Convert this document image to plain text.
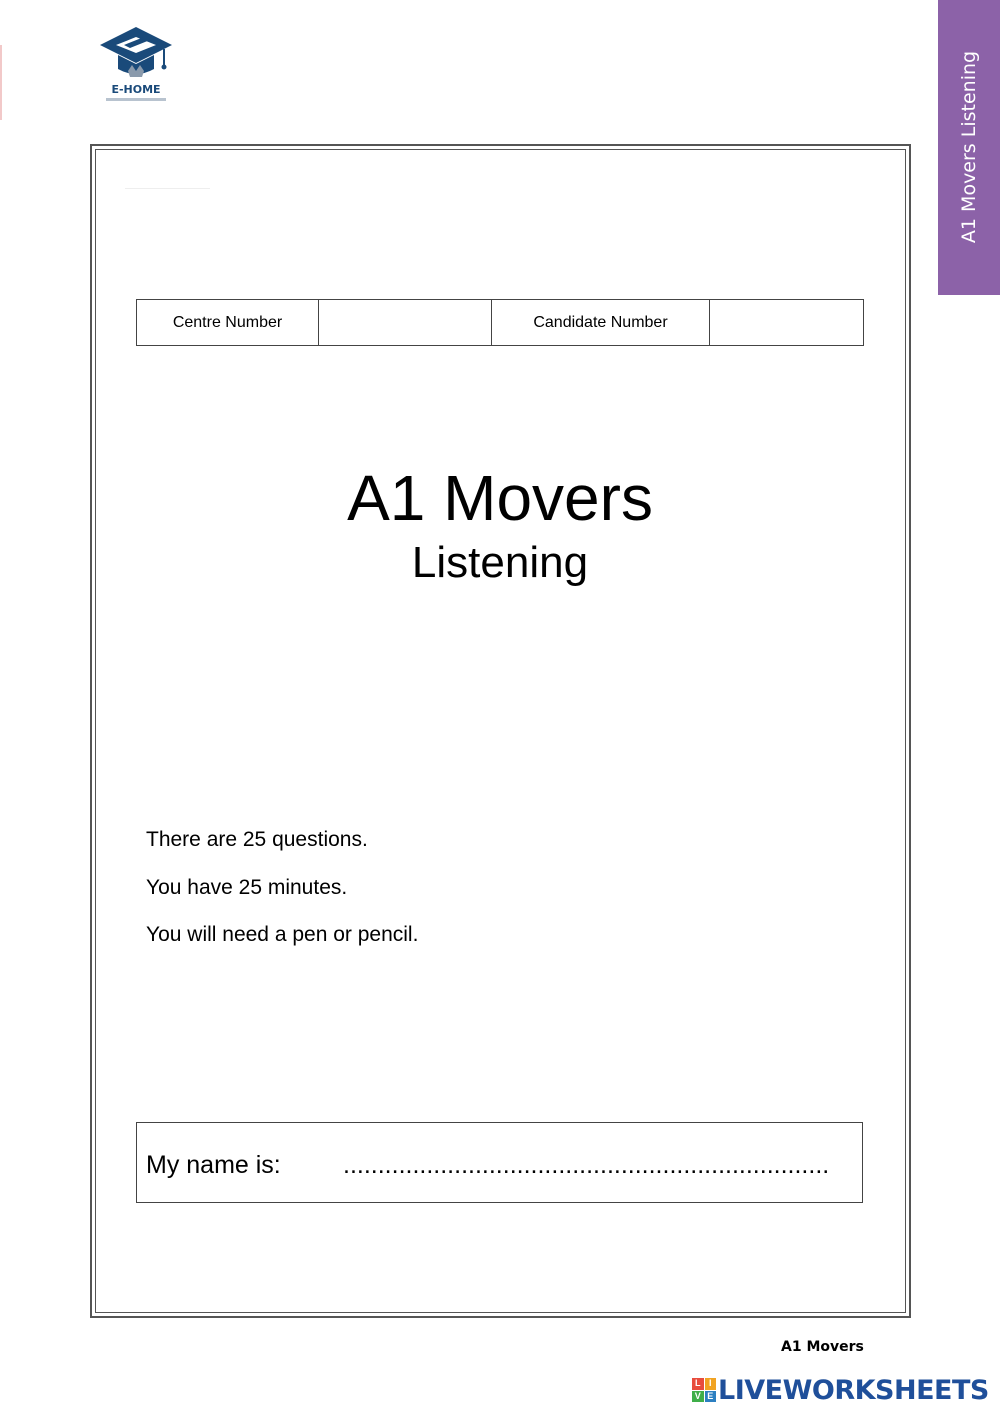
E-HOME	A1 Movers Listening
Centre Number		Candidate Number	
A1 Movers
Listening
There are 25 questions.
You have 25 minutes.
You will need a pen or pencil.
My name is: ......................................................................
A1 Movers
L I
V E LIVEWORKSHEETS
